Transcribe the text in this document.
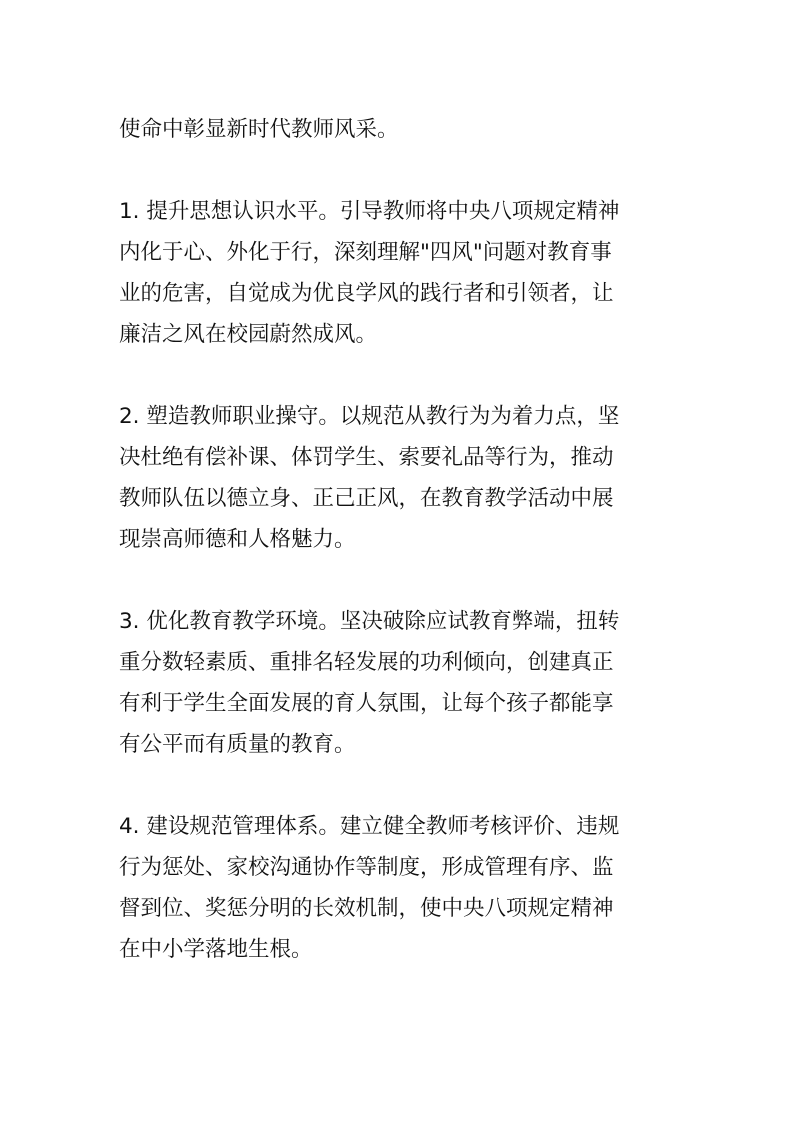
使命中彰显新时代教师风采。

1. 提升思想认识水平。引导教师将中央八项规定精神
内化于心、外化于行，深刻理解"四风"问题对教育事
业的危害，自觉成为优良学风的践行者和引领者，让
廉洁之风在校园蔚然成风。

2. 塑造教师职业操守。以规范从教行为为着力点，坚
决杜绝有偿补课、体罚学生、索要礼品等行为，推动
教师队伍以德立身、正己正风，在教育教学活动中展
现崇高师德和人格魅力。

3. 优化教育教学环境。坚决破除应试教育弊端，扭转
重分数轻素质、重排名轻发展的功利倾向，创建真正
有利于学生全面发展的育人氛围，让每个孩子都能享
有公平而有质量的教育。

4. 建设规范管理体系。建立健全教师考核评价、违规
行为惩处、家校沟通协作等制度，形成管理有序、监
督到位、奖惩分明的长效机制，使中央八项规定精神
在中小学落地生根。
